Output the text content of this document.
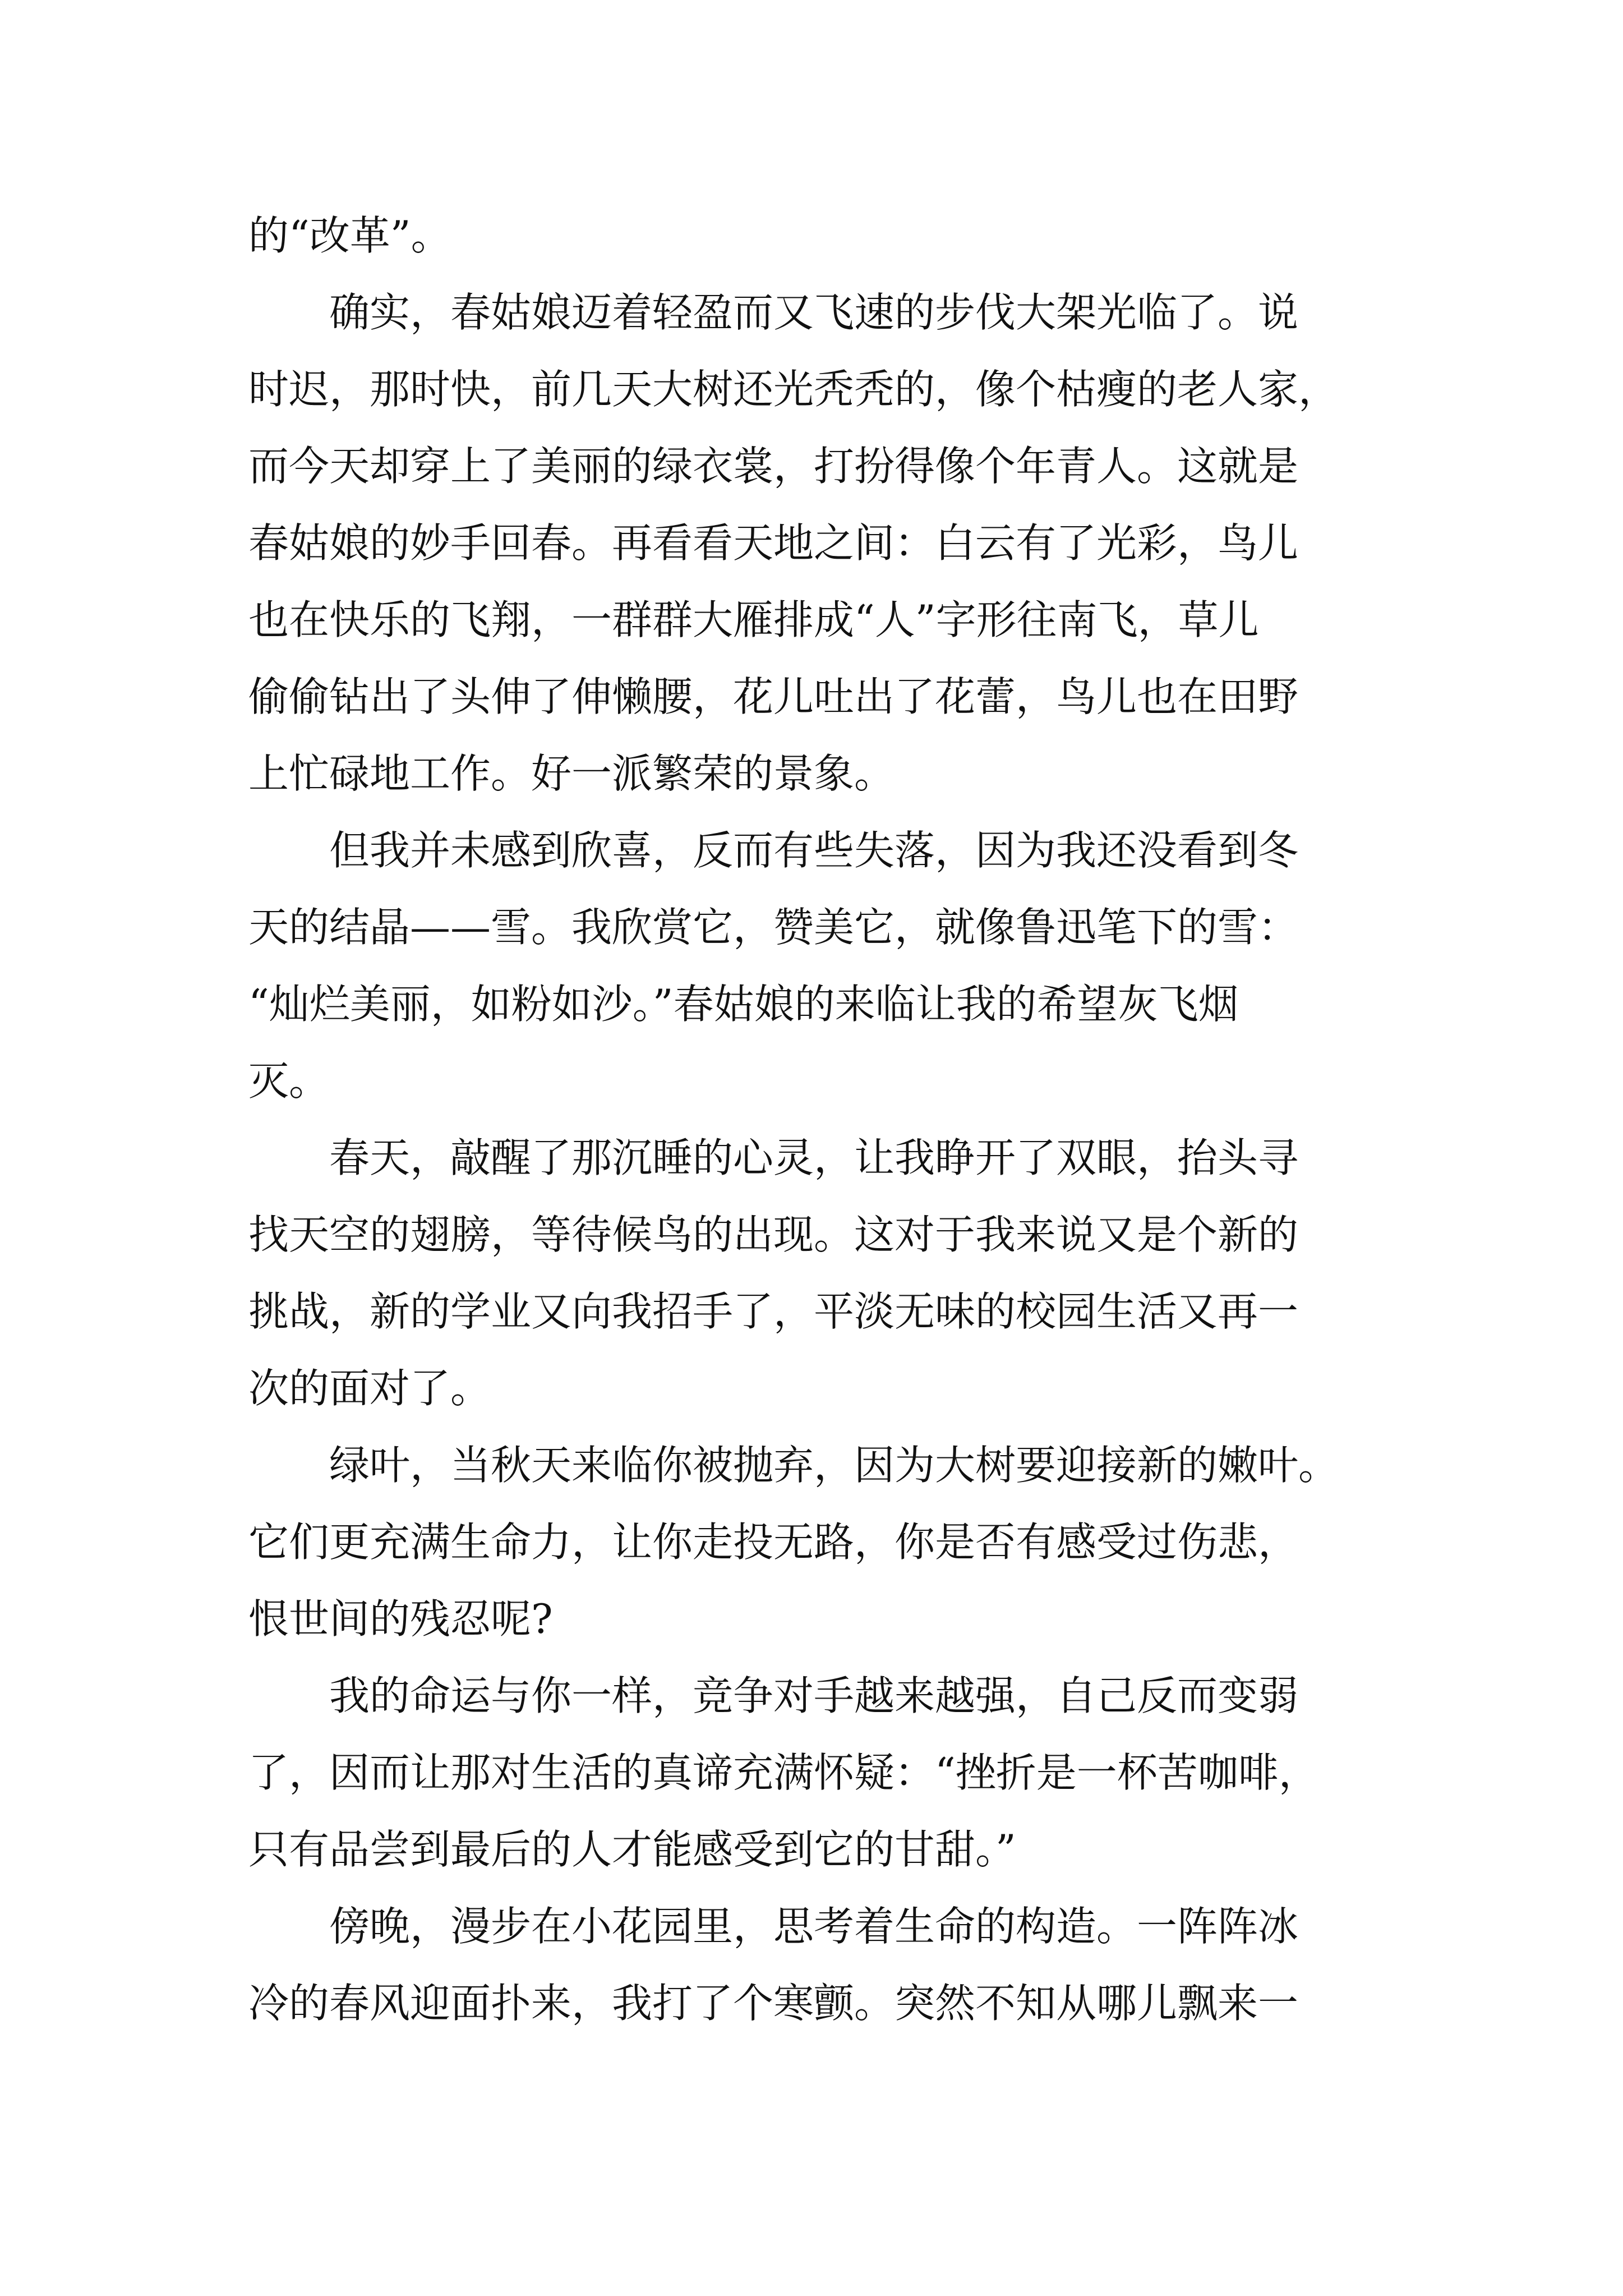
的“改革”。

确实，春姑娘迈着轻盈而又飞速的步伐大架光临了。说
时迟，那时快，前几天大树还光秃秃的，像个枯瘦的老人家，
而今天却穿上了美丽的绿衣裳，打扮得像个年青人。这就是
春姑娘的妙手回春。再看看天地之间：白云有了光彩，鸟儿
也在快乐的飞翔，一群群大雁排成“人”字形往南飞，草儿
偷偷钻出了头伸了伸懒腰，花儿吐出了花蕾，鸟儿也在田野
上忙碌地工作。好一派繁荣的景象。

但我并未感到欣喜，反而有些失落，因为我还没看到冬
天的结晶——雪。我欣赏它，赞美它，就像鲁迅笔下的雪：
“灿烂美丽，如粉如沙。”春姑娘的来临让我的希望灰飞烟
灭。

春天，敲醒了那沉睡的心灵，让我睁开了双眼，抬头寻
找天空的翅膀，等待候鸟的出现。这对于我来说又是个新的
挑战，新的学业又向我招手了，平淡无味的校园生活又再一
次的面对了。

绿叶，当秋天来临你被抛弃，因为大树要迎接新的嫩叶。
它们更充满生命力，让你走投无路，你是否有感受过伤悲，
恨世间的残忍呢?

我的命运与你一样，竞争对手越来越强，自己反而变弱
了，因而让那对生活的真谛充满怀疑：“挫折是一杯苦咖啡，
只有品尝到最后的人才能感受到它的甘甜。”

傍晚，漫步在小花园里，思考着生命的构造。一阵阵冰
冷的春风迎面扑来，我打了个寒颤。突然不知从哪儿飘来一
